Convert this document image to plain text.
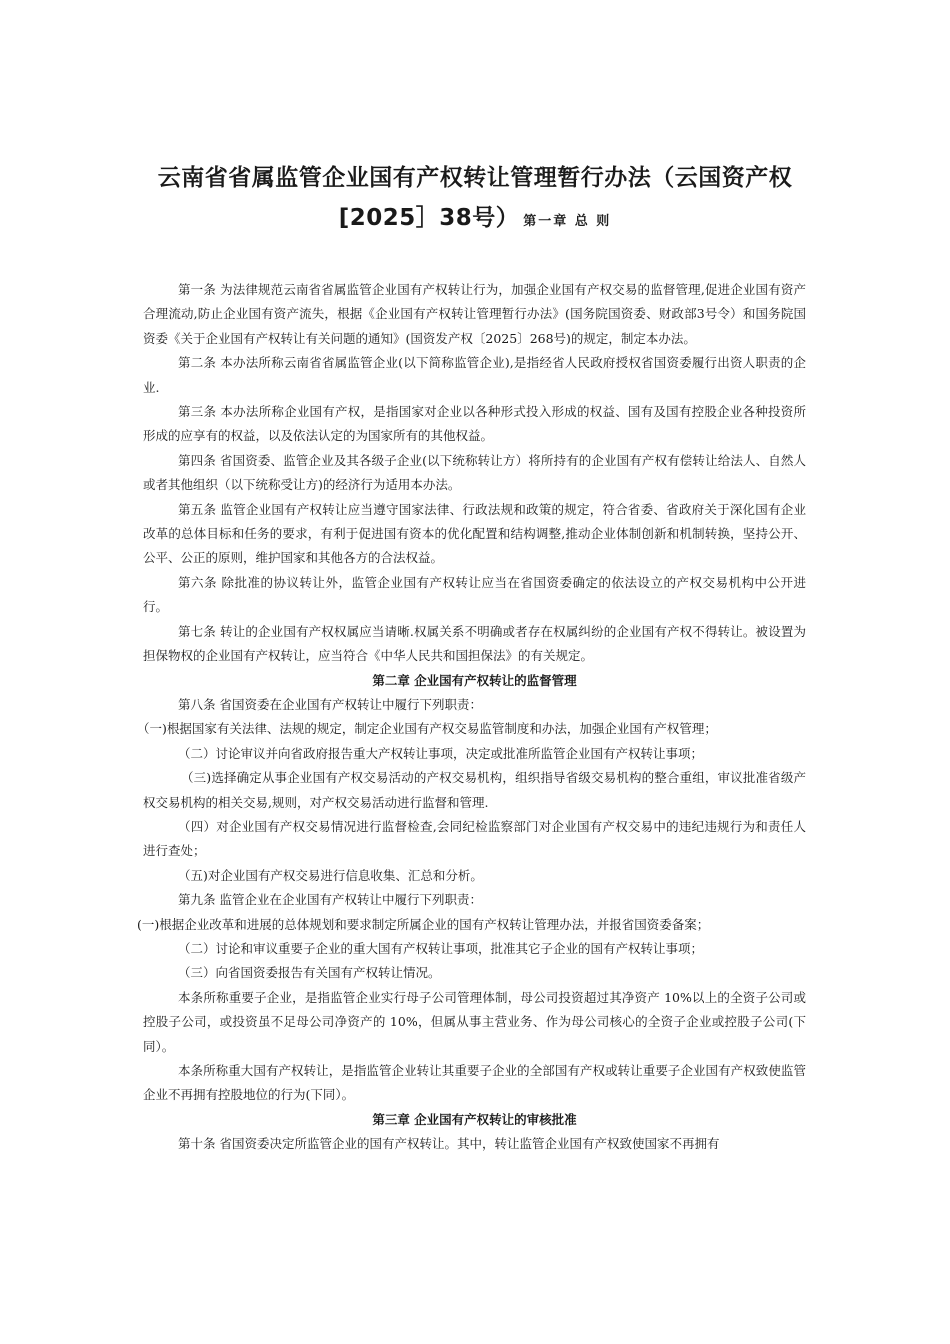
云南省省属监管企业国有产权转让管理暂行办法（云国资产权
[2025］38号） 第一章 总 则

第一条 为法律规范云南省省属监管企业国有产权转让行为，加强企业国有产权交易的监督管理,促进企业国有资产合理流动,防止企业国有资产流失，根据《企业国有产权转让管理暂行办法》(国务院国资委、财政部3号令）和国务院国资委《关于企业国有产权转让有关问题的通知》(国资发产权〔2025〕268号)的规定，制定本办法。

第二条 本办法所称云南省省属监管企业(以下简称监管企业),是指经省人民政府授权省国资委履行出资人职责的企业.

第三条 本办法所称企业国有产权，是指国家对企业以各种形式投入形成的权益、国有及国有控股企业各种投资所形成的应享有的权益，以及依法认定的为国家所有的其他权益。

第四条 省国资委、监管企业及其各级子企业(以下统称转让方）将所持有的企业国有产权有偿转让给法人、自然人或者其他组织（以下统称受让方)的经济行为适用本办法。

第五条 监管企业国有产权转让应当遵守国家法律、行政法规和政策的规定，符合省委、省政府关于深化国有企业改革的总体目标和任务的要求，有利于促进国有资本的优化配置和结构调整,推动企业体制创新和机制转换，坚持公开、公平、公正的原则，维护国家和其他各方的合法权益。

第六条 除批准的协议转让外，监管企业国有产权转让应当在省国资委确定的依法设立的产权交易机构中公开进行。

第七条 转让的企业国有产权权属应当请晰.权属关系不明确或者存在权属纠纷的企业国有产权不得转让。被设置为担保物权的企业国有产权转让，应当符合《中华人民共和国担保法》的有关规定。

第二章 企业国有产权转让的监督管理

第八条 省国资委在企业国有产权转让中履行下列职责：

（一)根据国家有关法律、法规的规定，制定企业国有产权交易监管制度和办法，加强企业国有产权管理；

（二）讨论审议并向省政府报告重大产权转让事项，决定或批准所监管企业国有产权转让事项；

（三)选择确定从事企业国有产权交易活动的产权交易机构，组织指导省级交易机构的整合重组，审议批准省级产权交易机构的相关交易,规则，对产权交易活动进行监督和管理.

（四）对企业国有产权交易情况进行监督检查,会同纪检监察部门对企业国有产权交易中的违纪违规行为和责任人进行查处；

（五)对企业国有产权交易进行信息收集、汇总和分析。

第九条 监管企业在企业国有产权转让中履行下列职责：

(一)根据企业改革和进展的总体规划和要求制定所属企业的国有产权转让管理办法，并报省国资委备案；

（二）讨论和审议重要子企业的重大国有产权转让事项，批准其它子企业的国有产权转让事项；

（三）向省国资委报告有关国有产权转让情况。

本条所称重要子企业，是指监管企业实行母子公司管理体制，母公司投资超过其净资产 10%以上的全资子公司或控股子公司，或投资虽不足母公司净资产的 10%，但属从事主营业务、作为母公司核心的全资子企业或控股子公司(下同）。

本条所称重大国有产权转让，是指监管企业转让其重要子企业的全部国有产权或转让重要子企业国有产权致使监管企业不再拥有控股地位的行为(下同）。

第三章 企业国有产权转让的审核批准

第十条 省国资委决定所监管企业的国有产权转让。其中，转让监管企业国有产权致使国家不再拥有
